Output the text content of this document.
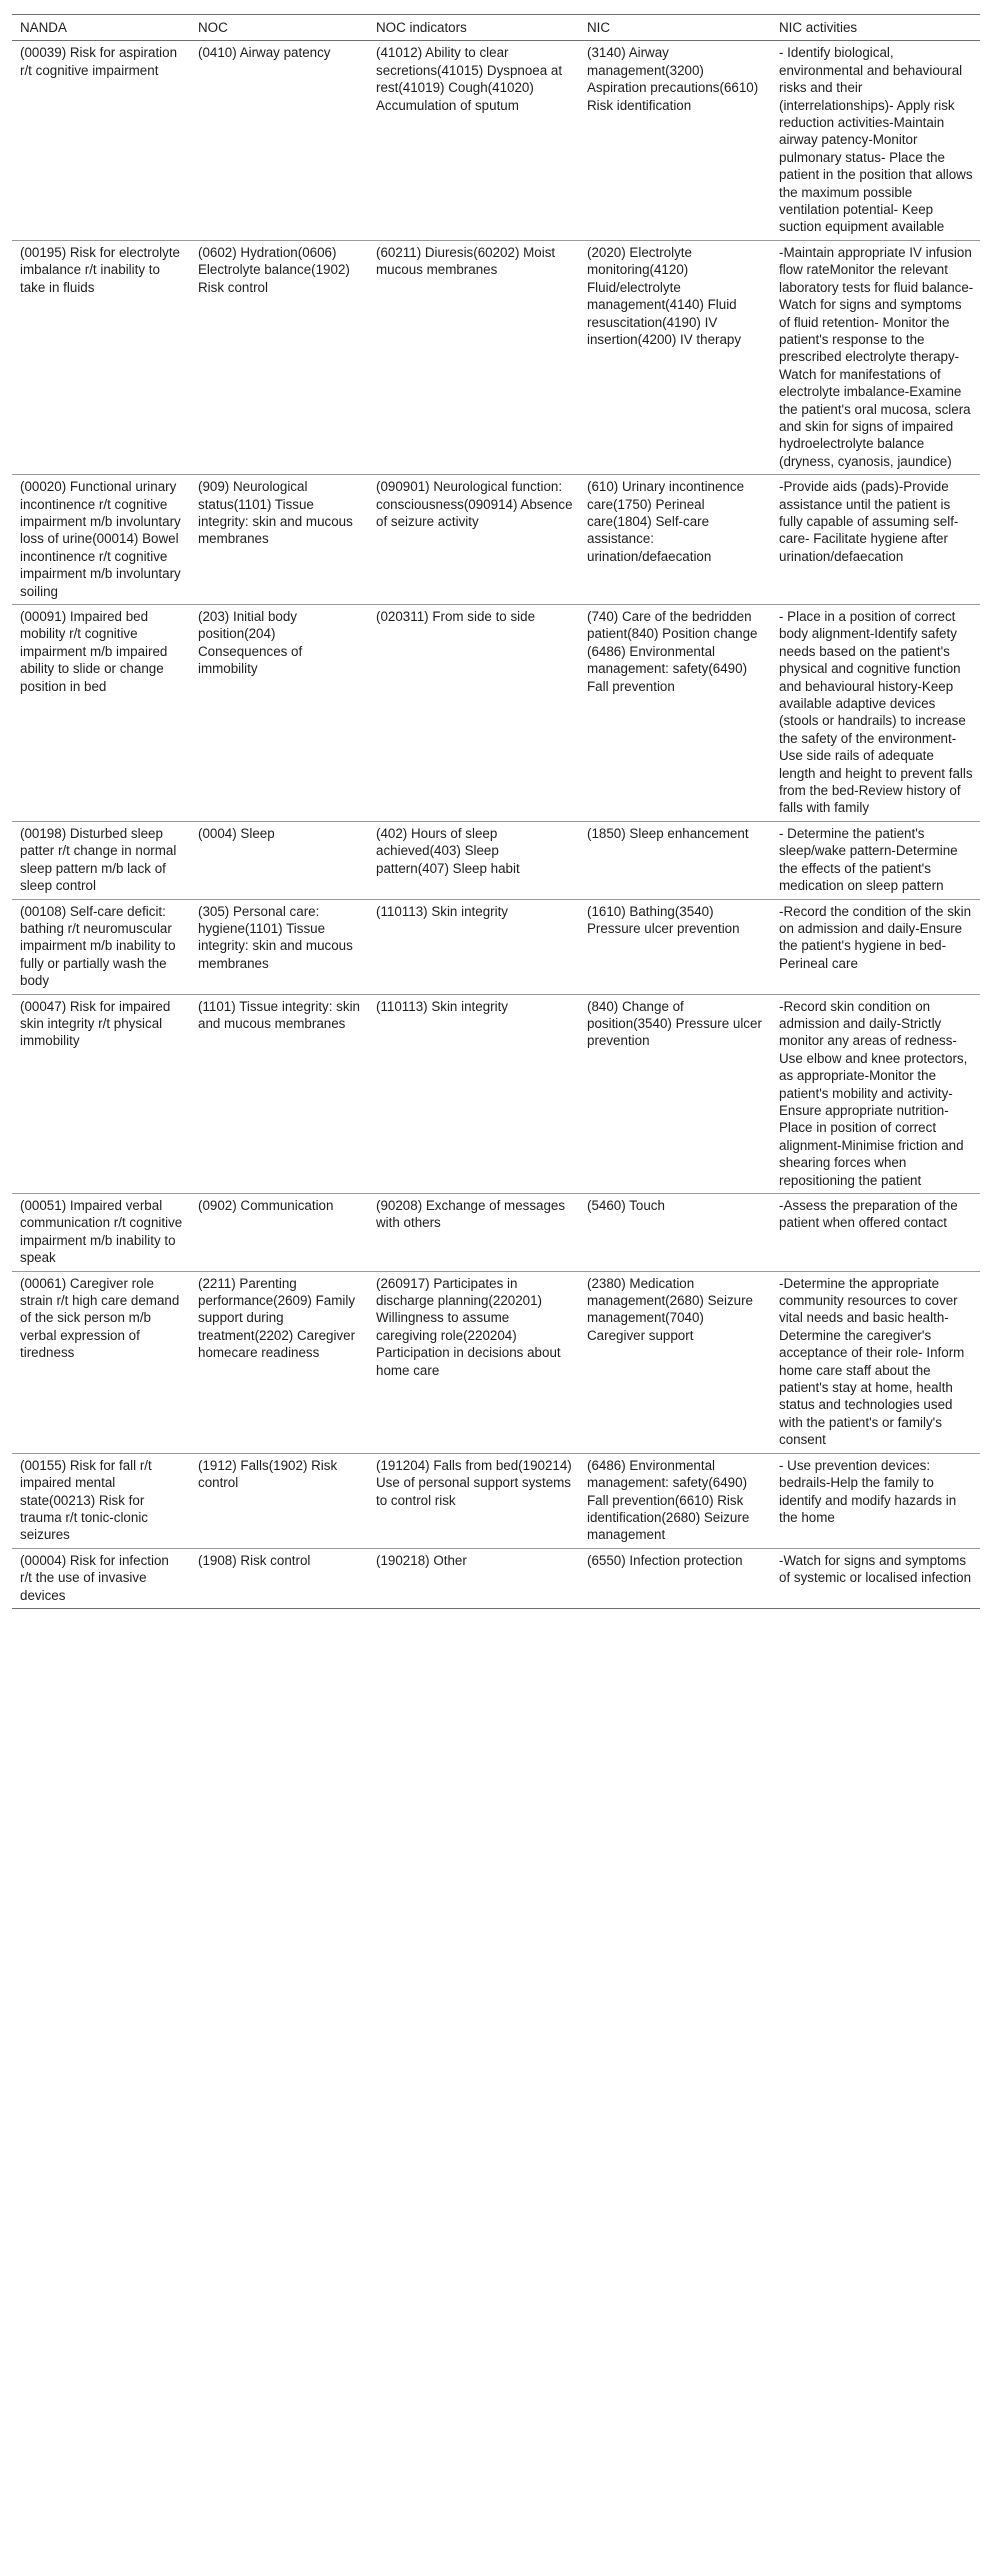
NANDA	NOC	NOC indicators	NIC	NIC activities
(00039) Risk for aspiration r/t cognitive impairment	(0410) Airway patency	(41012) Ability to clear secretions(41015) Dyspnoea at rest(41019) Cough(41020) Accumulation of sputum	(3140) Airway management(3200) Aspiration precautions(6610) Risk identification	- Identify biological, environmental and behavioural risks and their (interrelationships)- Apply risk reduction activities-Maintain airway patency-Monitor pulmonary status- Place the patient in the position that allows the maximum possible ventilation potential- Keep suction equipment available
(00195) Risk for electrolyte imbalance r/t inability to take in fluids	(0602) Hydration(0606) Electrolyte balance(1902) Risk control	(60211) Diuresis(60202) Moist mucous membranes	(2020) Electrolyte monitoring(4120) Fluid/electrolyte management(4140) Fluid resuscitation(4190) IV insertion(4200) IV therapy	-Maintain appropriate IV infusion flow rateMonitor the relevant laboratory tests for fluid balance-Watch for signs and symptoms of fluid retention- Monitor the patient's response to the prescribed electrolyte therapy- Watch for manifestations of electrolyte imbalance-Examine the patient's oral mucosa, sclera and skin for signs of impaired hydroelectrolyte balance (dryness, cyanosis, jaundice)
(00020) Functional urinary incontinence r/t cognitive impairment m/b involuntary loss of urine(00014) Bowel incontinence r/t cognitive impairment m/b involuntary soiling	(909) Neurological status(1101) Tissue integrity: skin and mucous membranes	(090901) Neurological function: consciousness(090914) Absence of seizure activity	(610) Urinary incontinence care(1750) Perineal care(1804) Self-care assistance: urination/defaecation	-Provide aids (pads)-Provide assistance until the patient is fully capable of assuming self-care- Facilitate hygiene after urination/defaecation
(00091) Impaired bed mobility r/t cognitive impairment m/b impaired ability to slide or change position in bed	(203) Initial body position(204) Consequences of immobility	(020311) From side to side	(740) Care of the bedridden patient(840) Position change (6486) Environmental management: safety(6490) Fall prevention	- Place in a position of correct body alignment-Identify safety needs based on the patient's physical and cognitive function and behavioural history-Keep available adaptive devices (stools or handrails) to increase the safety of the environment- Use side rails of adequate length and height to prevent falls from the bed-Review history of falls with family
(00198) Disturbed sleep patter r/t change in normal sleep pattern m/b lack of sleep control	(0004) Sleep	(402) Hours of sleep achieved(403) Sleep pattern(407) Sleep habit	(1850) Sleep enhancement	- Determine the patient's sleep/wake pattern-Determine the effects of the patient's medication on sleep pattern
(00108) Self-care deficit: bathing r/t neuromuscular impairment m/b inability to fully or partially wash the body	(305) Personal care: hygiene(1101) Tissue integrity: skin and mucous membranes	(110113) Skin integrity	(1610) Bathing(3540) Pressure ulcer prevention	-Record the condition of the skin on admission and daily-Ensure the patient's hygiene in bed-Perineal care
(00047) Risk for impaired skin integrity r/t physical immobility	(1101) Tissue integrity: skin and mucous membranes	(110113) Skin integrity	(840) Change of position(3540) Pressure ulcer prevention	-Record skin condition on admission and daily-Strictly monitor any areas of redness-Use elbow and knee protectors, as appropriate-Monitor the patient's mobility and activity-Ensure appropriate nutrition-Place in position of correct alignment-Minimise friction and shearing forces when repositioning the patient
(00051) Impaired verbal communication r/t cognitive impairment m/b inability to speak	(0902) Communication	(90208) Exchange of messages with others	(5460) Touch	-Assess the preparation of the patient when offered contact
(00061) Caregiver role strain r/t high care demand of the sick person m/b verbal expression of tiredness	(2211) Parenting performance(2609) Family support during treatment(2202) Caregiver homecare readiness	(260917) Participates in discharge planning(220201) Willingness to assume caregiving role(220204) Participation in decisions about home care	(2380) Medication management(2680) Seizure management(7040) Caregiver support	-Determine the appropriate community resources to cover vital needs and basic health-Determine the caregiver's acceptance of their role- Inform home care staff about the patient's stay at home, health status and technologies used with the patient's or family's consent
(00155) Risk for fall r/t impaired mental state(00213) Risk for trauma r/t tonic-clonic seizures	(1912) Falls(1902) Risk control	(191204) Falls from bed(190214) Use of personal support systems to control risk	(6486) Environmental management: safety(6490) Fall prevention(6610) Risk identification(2680) Seizure management	- Use prevention devices: bedrails-Help the family to identify and modify hazards in the home
(00004) Risk for infection r/t the use of invasive devices	(1908) Risk control	(190218) Other	(6550) Infection protection	-Watch for signs and symptoms of systemic or localised infection
